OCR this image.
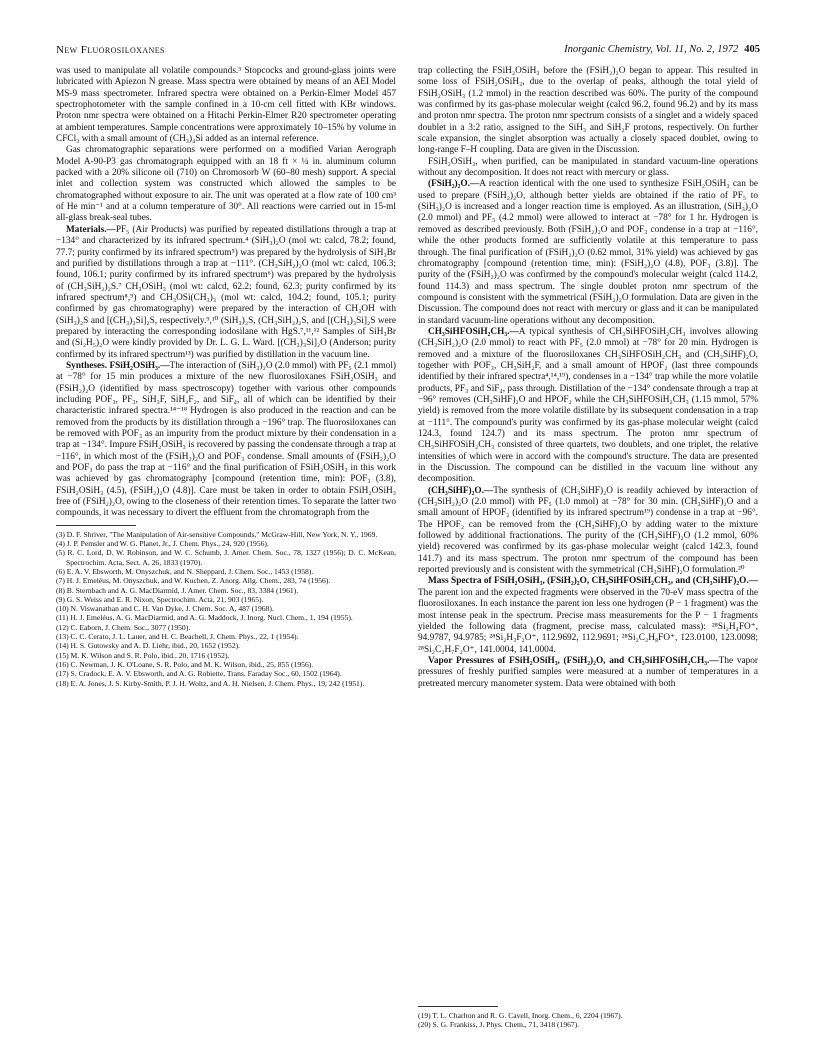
New Fluorosiloxanes	Inorganic Chemistry, Vol. 11, No. 2, 1972 405

was used to manipulate all volatile compounds.³ Stopcocks and ground-glass joints were lubricated with Apiezon N grease. Mass spectra were obtained by means of an AEI Model MS-9 mass spectrometer. Infrared spectra were obtained on a Perkin-Elmer Model 457 spectrophotometer with the sample confined in a 10-cm cell fitted with KBr windows. Proton nmr spectra were obtained on a Hitachi Perkin-Elmer R20 spectrometer operating at ambient temperatures. Sample concentrations were approximately 10–15% by volume in CFCl₃ with a small amount of (CH₃)₄Si added as an internal reference.

Gas chromatographic separations were performed on a modified Varian Aerograph Model A-90-P3 gas chromatograph equipped with an 18 ft × ¼ in. aluminum column packed with a 20% silicone oil (710) on Chromosorb W (60–80 mesh) support. A special inlet and collection system was constructed which allowed the samples to be chromatographed without exposure to air. The unit was operated at a flow rate of 100 cm³ of He min⁻¹ and at a column temperature of 30°. All reactions were carried out in 15-ml all-glass break-seal tubes.

Materials.—PF₅ (Air Products) was purified by repeated distillations through a trap at −134° and characterized by its infrared spectrum.⁴ (SiH₃)₂O (mol wt: calcd, 78.2; found, 77.7; purity confirmed by its infrared spectrum⁵) was prepared by the hydrolysis of SiH₃Br and purified by distillations through a trap at −111°. (CH₃SiH₂)₂O (mol wt: calcd, 106.3; found, 106.1; purity confirmed by its infrared spectrum⁶) was prepared by the hydrolysis of (CH₃SiH₂)₂S.⁷ CH₃OSiH₃ (mol wt: calcd, 62.2; found, 62.3; purity confirmed by its infrared spectrum⁸,⁹) and CH₃OSi(CH₃)₃ (mol wt: calcd, 104.2; found, 105.1; purity confirmed by gas chromatography) were prepared by the interaction of CH₃OH with (SiH₃)₂S and [(CH₃)₃Si]₂S, respectively.⁹,¹⁰ (SiH₃)₂S, (CH₃SiH₂)₂S, and [(CH₃)₃Si]₂S were prepared by interacting the corresponding iodosilane with HgS.⁷,¹¹,¹² Samples of SiH₃Br and (Si₂H₅)₂O were kindly provided by Dr. L. G. L. Ward. [(CH₃)₃Si]₂O (Anderson; purity confirmed by its infrared spectrum¹³) was purified by distillation in the vacuum line.

Syntheses. FSiH₂OSiH₃.—The interaction of (SiH₃)₂O (2.0 mmol) with PF₅ (2.1 mmol) at −78° for 15 min produces a mixture of the new fluorosiloxanes FSiH₂OSiH₃ and (FSiH₂)₂O (identified by mass spectroscopy) together with various other compounds including POF₃, PF₃, SiH₃F, SiH₂F₂, and SiF₄, all of which can be identified by their characteristic infrared spectra.¹⁴⁻¹⁸ Hydrogen is also produced in the reaction and can be removed from the products by its distillation through a −196° trap. The fluorosiloxanes can be removed with POF₃ as an impurity from the product mixture by their condensation in a trap at −134°. Impure FSiH₂OSiH₃ is recovered by passing the condensate through a trap at −116°, in which most of the (FSiH₂)₂O and POF₃ condense. Small amounts of (FSiH₂)₂O and POF₃ do pass the trap at −116° and the final purification of FSiH₂OSiH₃ in this work was achieved by gas chromatography [compound (retention time, min): POF₃ (3.8), FSiH₂OSiH₃ (4.5), (FSiH₂)₂O (4.8)]. Care must be taken in order to obtain FSiH₂OSiH₃ free of (FSiH₂)₂O, owing to the closeness of their retention times. To separate the latter two compounds, it was necessary to divert the effluent from the chromatograph from the

(3) D. F. Shriver, "The Manipulation of Air-sensitive Compounds," McGraw-Hill, New York, N. Y., 1969.
(4) J. P. Pemsler and W. G. Planet, Jr., J. Chem. Phys., 24, 920 (1956).
(5) R. C. Lord, D. W. Robinson, and W. C. Schumb, J. Amer. Chem. Soc., 78, 1327 (1956); D. C. McKean, Spectrochim. Acta, Sect. A, 26, 1833 (1970).
(6) E. A. V. Ebsworth, M. Onyszchuk, and N. Sheppard, J. Chem. Soc., 1453 (1958).
(7) H. J. Emeléus, M. Onyszchuk, and W. Kuchen, Z. Anorg. Allg. Chem., 283, 74 (1956).
(8) B. Sternbach and A. G. MacDiarmid, J. Amer. Chem. Soc., 83, 3384 (1961).
(9) G. S. Weiss and E. R. Nixon, Spectrochim. Acta, 21, 903 (1965).
(10) N. Viswanathan and C. H. Van Dyke, J. Chem. Soc. A, 487 (1968).
(11) H. J. Emeléus, A. G. MacDiarmid, and A. G. Maddock, J. Inorg. Nucl. Chem., 1, 194 (1955).
(12) C. Eaborn, J. Chem. Soc., 3077 (1950).
(13) C. C. Cerato, J. L. Lauer, and H. C. Beachell, J. Chem. Phys., 22, 1 (1954).
(14) H. S. Gutowsky and A. D. Liehr, ibid., 20, 1652 (1952).
(15) M. K. Wilson and S. R. Polo, ibid., 20, 1716 (1952).
(16) C. Newman, J. K. O'Loane, S. R. Polo, and M. K. Wilson, ibid., 25, 855 (1956).
(17) S. Cradock, E. A. V. Ebsworth, and A. G. Robiette, Trans. Faraday Soc., 60, 1502 (1964).
(18) E. A. Jones, J. S. Kirby-Smith, P. J. H. Woltz, and A. H. Nielsen, J. Chem. Phys., 19, 242 (1951).

trap collecting the FSiH₂OSiH₃ before the (FSiH₂)₂O began to appear. This resulted in some loss of FSiH₂OSiH₃, due to the overlap of peaks, although the total yield of FSiH₂OSiH₃ (1.2 mmol) in the reaction described was 60%. The purity of the compound was confirmed by its gas-phase molecular weight (calcd 96.2, found 96.2) and by its mass and proton nmr spectra. The proton nmr spectrum consists of a singlet and a widely spaced doublet in a 3:2 ratio, assigned to the SiH₃ and SiH₂F protons, respectively. On further scale expansion, the singlet absorption was actually a closely spaced doublet, owing to long-range F–H coupling. Data are given in the Discussion.

FSiH₂OSiH₃, when purified, can be manipulated in standard vacuum-line operations without any decomposition. It does not react with mercury or glass.

(FSiH₂)₂O.—A reaction identical with the one used to synthesize FSiH₂OSiH₃ can be used to prepare (FSiH₂)₂O, although better yields are obtained if the ratio of PF₅ to (SiH₃)₂O is increased and a longer reaction time is employed. As an illustration, (SiH₃)₂O (2.0 mmol) and PF₅ (4.2 mmol) were allowed to interact at −78° for 1 hr. Hydrogen is removed as described previously. Both (FSiH₂)₂O and POF₃ condense in a trap at −116°, while the other products formed are sufficiently volatile at this temperature to pass through. The final purification of (FSiH₂)₂O (0.62 mmol, 31% yield) was achieved by gas chromatography [compound (retention time, min): (FSiH₂)₂O (4.8), POF₃ (3.8)]. The purity of the (FSiH₂)₂O was confirmed by the compound's molecular weight (calcd 114.2, found 114.3) and mass spectrum. The single doublet proton nmr spectrum of the compound is consistent with the symmetrical (FSiH₂)₂O formulation. Data are given in the Discussion. The compound does not react with mercury or glass and it can be manipulated in standard vacuum-line operations without any decomposition.

CH₃SiHFOSiH₂CH₃.—A typical synthesis of CH₃SiHFOSiH₂CH₃ involves allowing (CH₃SiH₂)₂O (2.0 mmol) to react with PF₅ (2.0 mmol) at −78° for 20 min. Hydrogen is removed and a mixture of the fluorosiloxanes CH₃SiHFOSiH₂CH₃ and (CH₃SiHF)₂O, together with POF₃, CH₃SiH₂F, and a small amount of HPOF₂ (last three compounds identified by their infrared spectra⁴,¹⁴,¹⁹), condenses in a −134° trap while the more volatile products, PF₃ and SiF₄, pass through. Distillation of the −134° condensate through a trap at −96° removes (CH₃SiHF)₂O and HPOF₂ while the CH₃SiHFOSiH₂CH₃ (1.15 mmol, 57% yield) is removed from the more volatile distillate by its subsequent condensation in a trap at −111°. The compound's purity was confirmed by its gas-phase molecular weight (calcd 124.3, found 124.7) and its mass spectrum. The proton nmr spectrum of CH₃SiHFOSiH₂CH₃ consisted of three quartets, two doublets, and one triplet, the relative intensities of which were in accord with the compound's structure. The data are presented in the Discussion. The compound can be distilled in the vacuum line without any decomposition.

(CH₃SiHF)₂O.—The synthesis of (CH₃SiHF)₂O is readily achieved by interaction of (CH₃SiH₂)₂O (2.0 mmol) with PF₅ (1.0 mmol) at −78° for 30 min. (CH₃SiHF)₂O and a small amount of HPOF₂ (identified by its infrared spectrum¹⁹) condense in a trap at −96°. The HPOF₂ can be removed from the (CH₃SiHF)₂O by adding water to the mixture followed by additional fractionations. The purity of the (CH₃SiHF)₂O (1.2 mmol, 60% yield) recovered was confirmed by its gas-phase molecular weight (calcd 142.3, found 141.7) and its mass spectrum. The proton nmr spectrum of the compound has been reported previously and is consistent with the symmetrical (CH₃SiHF)₂O formulation.²⁰

Mass Spectra of FSiH₂OSiH₃, (FSiH₂)₂O, CH₃SiHFOSiH₂CH₃, and (CH₃SiHF)₂O.—The parent ion and the expected fragments were observed in the 70-eV mass spectra of the fluorosiloxanes. In each instance the parent ion less one hydrogen (P − 1 fragment) was the most intense peak in the spectrum. Precise mass measurements for the P − 1 fragments yielded the following data (fragment, precise mass, calculated mass): ²⁸Si₂H₄FO⁺, 94.9787, 94.9785; ²⁸Si₂H₃F₂O⁺, 112.9692, 112.9691; ²⁸Si₂C₂H₈FO⁺, 123.0100, 123.0098; ²⁸Si₂C₂H₇F₂O⁺, 141.0004, 141.0004.

Vapor Pressures of FSiH₂OSiH₃, (FSiH₂)₂O, and CH₃SiHFOSiH₂CH₃.—The vapor pressures of freshly purified samples were measured at a number of temperatures in a pretreated mercury manometer system. Data were obtained with both

(19) T. L. Charlton and R. G. Cavell, Inorg. Chem., 6, 2204 (1967).
(20) S. G. Frankiss, J. Phys. Chem., 71, 3418 (1967).
